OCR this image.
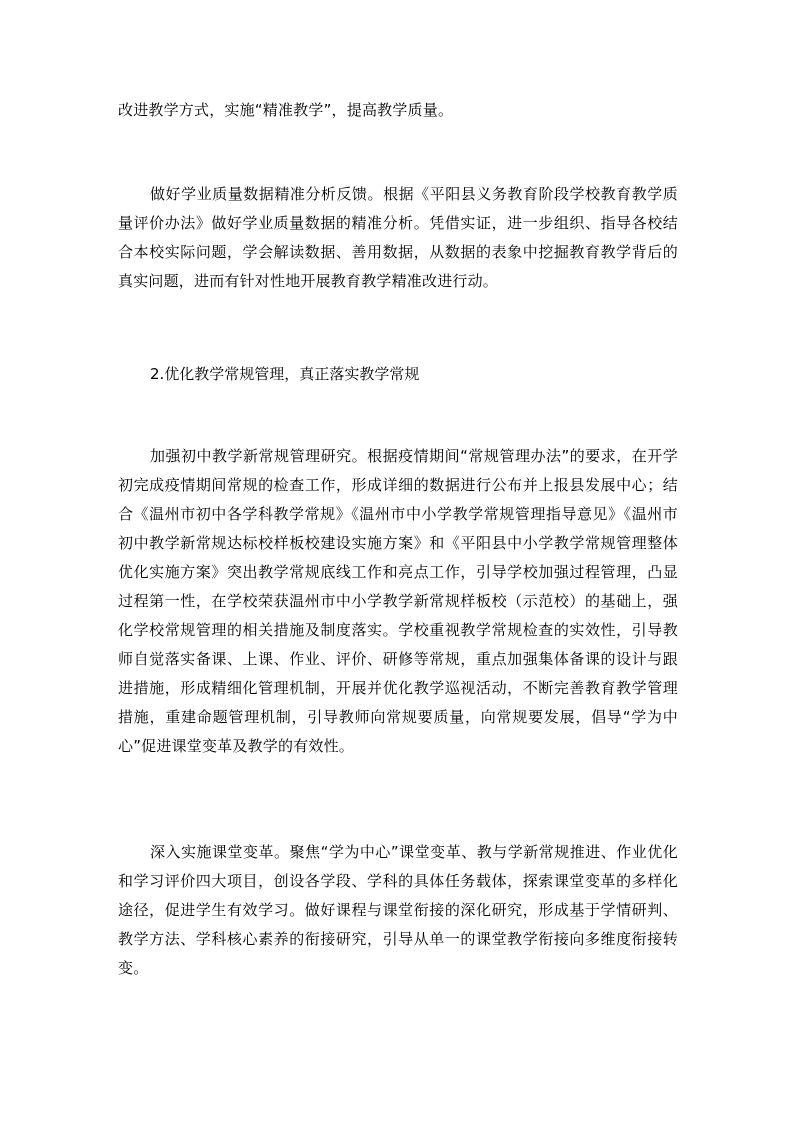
改进教学方式，实施“精准教学”，提高教学质量。

做好学业质量数据精准分析反馈。根据《平阳县义务教育阶段学校教育教学质量评价办法》做好学业质量数据的精准分析。凭借实证，进一步组织、指导各校结合本校实际问题，学会解读数据、善用数据，从数据的表象中挖掘教育教学背后的真实问题，进而有针对性地开展教育教学精准改进行动。

2.优化教学常规管理，真正落实教学常规

加强初中教学新常规管理研究。根据疫情期间“常规管理办法”的要求，在开学初完成疫情期间常规的检查工作，形成详细的数据进行公布并上报县发展中心；结合《温州市初中各学科教学常规》《温州市中小学教学常规管理指导意见》《温州市初中教学新常规达标校样板校建设实施方案》和《平阳县中小学教学常规管理整体优化实施方案》突出教学常规底线工作和亮点工作，引导学校加强过程管理，凸显过程第一性，在学校荣获温州市中小学教学新常规样板校（示范校）的基础上，强化学校常规管理的相关措施及制度落实。学校重视教学常规检查的实效性，引导教师自觉落实备课、上课、作业、评价、研修等常规，重点加强集体备课的设计与跟进措施，形成精细化管理机制，开展并优化教学巡视活动，不断完善教育教学管理措施，重建命题管理机制，引导教师向常规要质量，向常规要发展，倡导“学为中心”促进课堂变革及教学的有效性。

深入实施课堂变革。聚焦“学为中心”课堂变革、教与学新常规推进、作业优化和学习评价四大项目，创设各学段、学科的具体任务载体，探索课堂变革的多样化途径，促进学生有效学习。做好课程与课堂衔接的深化研究，形成基于学情研判、教学方法、学科核心素养的衔接研究，引导从单一的课堂教学衔接向多维度衔接转变。
